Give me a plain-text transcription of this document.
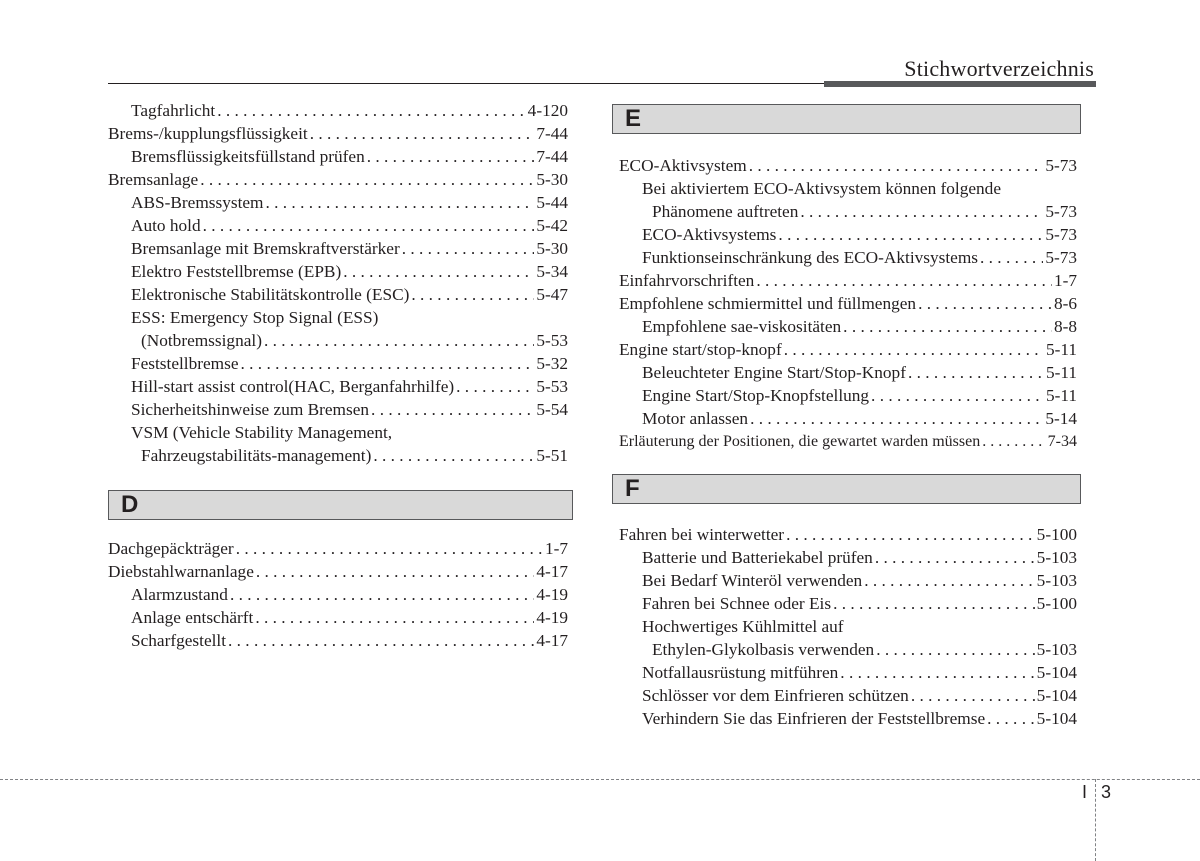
Stichwortverzeichnis
Tagfahrlicht . . .	4-120
Brems-/kupplungsflüssigkeit . . .	7-44
Bremsflüssigkeitsfüllstand prüfen . . .	7-44
Bremsanlage . . .	5-30
ABS-Bremssystem . . .	5-44
Auto hold . . .	5-42
Bremsanlage mit Bremskraftverstärker . . .	5-30
Elektro Feststellbremse (EPB) . . .	5-34
Elektronische Stabilitätskontrolle (ESC) . . .	5-47
ESS: Emergency Stop Signal (ESS)
(Notbremssignal) . . .	5-53
Feststellbremse . . .	5-32
Hill-start assist control(HAC, Berganfahrhilfe) . . .	5-53
Sicherheitshinweise zum Bremsen . . .	5-54
VSM (Vehicle Stability Management,
Fahrzeugstabilitäts-management) . . .	5-51
D
Dachgepäckträger . . .	1-7
Diebstahlwarnanlage . . .	4-17
Alarmzustand . . .	4-19
Anlage entschärft . . .	4-19
Scharfgestellt . . .	4-17
E
ECO-Aktivsystem . . .	5-73
Bei aktiviertem ECO-Aktivsystem können folgende
Phänomene auftreten . . .	5-73
ECO-Aktivsystems . . .	5-73
Funktionseinschränkung des ECO-Aktivsystems . . .	5-73
Einfahrvorschriften . . .	1-7
Empfohlene schmiermittel und füllmengen . . .	8-6
Empfohlene sae-viskositäten . . .	8-8
Engine start/stop-knopf . . .	5-11
Beleuchteter Engine Start/Stop-Knopf . . .	5-11
Engine Start/Stop-Knopfstellung . . .	5-11
Motor anlassen . . .	5-14
Erläuterung der Positionen, die gewartet warden müssen . . .	7-34
F
Fahren bei winterwetter . . .	5-100
Batterie und Batteriekabel prüfen . . .	5-103
Bei Bedarf Winteröl verwenden . . .	5-103
Fahren bei Schnee oder Eis . . .	5-100
Hochwertiges Kühlmittel auf
Ethylen-Glykolbasis verwenden . . .	5-103
Notfallausrüstung mitführen . . .	5-104
Schlösser vor dem Einfrieren schützen . . .	5-104
Verhindern Sie das Einfrieren der Feststellbremse . . .	5-104
I 3
